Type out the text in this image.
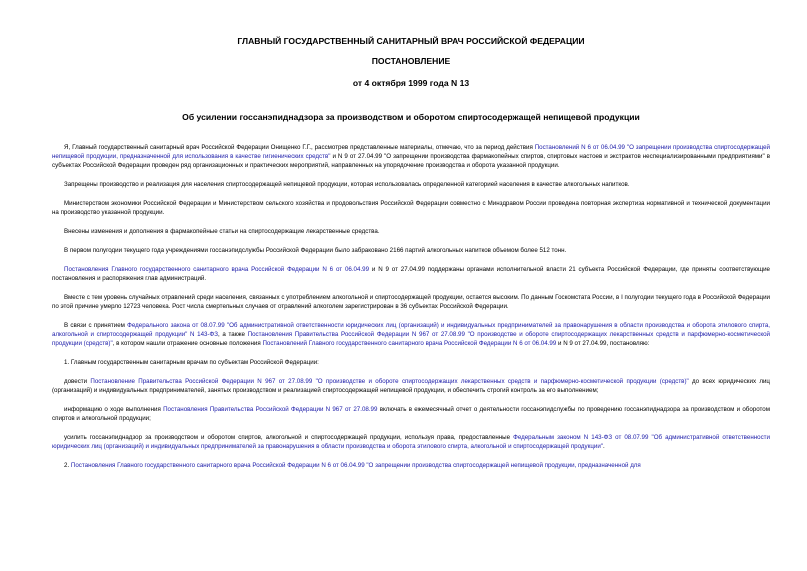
ГЛАВНЫЙ ГОСУДАРСТВЕННЫЙ САНИТАРНЫЙ ВРАЧ РОССИЙСКОЙ ФЕДЕРАЦИИ
ПОСТАНОВЛЕНИЕ
от 4 октября 1999 года N 13
Об усилении госсанэпиднадзора за производством и оборотом спиртосодержащей непищевой продукции

Я, Главный государственный санитарный врач Российской Федерации Онищенко Г.Г., рассмотрев представленные материалы, отмечаю, что за период действия Постановлений N 6 от 06.04.99 "О запрещении производства спиртосодержащей непищевой продукции, предназначенной для использования в качестве гигиенических средств" и N 9 от 27.04.99 "О запрещении производства фармакопейных спиртов, спиртовых настоев и экстрактов неспециализированными предприятиями" в субъектах Российской Федерации проведен ряд организационных и практических мероприятий, направленных на упорядочение производства и оборота указанной продукции.

Запрещены производство и реализация для населения спиртосодержащей непищевой продукции, которая использовалась определенной категорией населения в качестве алкогольных напитков.

Министерством экономики Российской Федерации и Министерством сельского хозяйства и продовольствия Российской Федерации совместно с Минздравом России проведена повторная экспертиза нормативной и технической документации на производство указанной продукции.

Внесены изменения и дополнения в фармакопейные статьи на спиртосодержащие лекарственные средства.

В первом полугодии текущего года учреждениями госсанэпидслужбы Российской Федерации было забраковано 2166 партий алкогольных напитков объемом более 512 тонн.

Постановления Главного государственного санитарного врача Российской Федерации N 6 от 06.04.99 и N 9 от 27.04.99 поддержаны органами исполнительной власти 21 субъекта Российской Федерации, где приняты соответствующие постановления и распоряжения глав администраций.

Вместе с тем уровень случайных отравлений среди населения, связанных с употреблением алкогольной и спиртосодержащей продукции, остается высоким. По данным Госкомстата России, в I полугодии текущего года в Российской Федерации по этой причине умерло 12723 человека. Рост числа смертельных случаев от отравлений алкоголем зарегистрирован в 36 субъектах Российской Федерации.

В связи с принятием Федерального закона от 08.07.99 "Об административной ответственности юридических лиц (организаций) и индивидуальных предпринимателей за правонарушения в области производства и оборота этилового спирта, алкогольной и спиртосодержащей продукции" N 143-ФЗ, а также Постановления Правительства Российской Федерации N 967 от 27.08.99 "О производстве и обороте спиртосодержащих лекарственных средств и парфюмерно-косметической продукции (средств)", в котором нашли отражение основные положения Постановлений Главного государственного санитарного врача Российской Федерации N 6 от 06.04.99 и N 9 от 27.04.99, постановляю:

1. Главным государственным санитарным врачам по субъектам Российской Федерации:

довести Постановление Правительства Российской Федерации N 967 от 27.08.99 "О производстве и обороте спиртосодержащих лекарственных средств и парфюмерно-косметической продукции (средств)" до всех юридических лиц (организаций) и индивидуальных предпринимателей, занятых производством и реализацией спиртосодержащей непищевой продукции, и обеспечить строгий контроль за его выполнением;

информацию о ходе выполнения Постановления Правительства Российской Федерации N 967 от 27.08.99 включать в ежемесячный отчет о деятельности госсанэпидслужбы по проведению госсанэпиднадзора за производством и оборотом спиртов и алкогольной продукции;

усилить госсанэпиднадзор за производством и оборотом спиртов, алкогольной и спиртосодержащей продукции, используя права, предоставленные Федеральным законом N 143-ФЗ от 08.07.99 "Об административной ответственности юридических лиц (организаций) и индивидуальных предпринимателей за правонарушения в области производства и оборота этилового спирта, алкогольной и спиртосодержащей продукции".

2. Постановления Главного государственного санитарного врача Российской Федерации N 6 от 06.04.99 "О запрещении производства спиртосодержащей непищевой продукции, предназначенной для
